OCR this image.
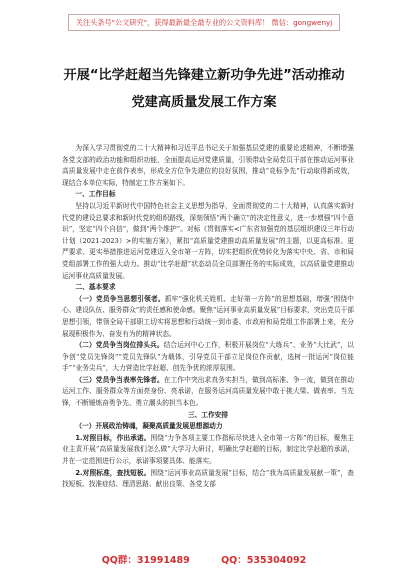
关注头条号"公文研究"，获得最新最全最专业的公文资料库！ 微信：gongwenyj
开展“比学赶超当先锋建立新功争先进”活动推动
党建高质量发展工作方案

为深入学习贯彻党的二十大精神和习近平总书记关于加强基层党建的重要论述精神，不断增强各党支部的政治功能和组织功能，全面提高运河党建质量，引领带动全局党员干部在推动运河事业高质量发展中走在前作表率，形成全方位争先建位的良好氛围，推动“竞标争先”行动取得新成效，现结合本单位实际，特制定工作方案如下。

一、工作目标

坚持以习近平新时代中国特色社会主义思想为指导，全面贯彻党的二十大精神，认真落实新时代党的建设总要求和新时代党的组织路线，深刻领悟“两个确立”的决定性意义，进一步增强“四个意识”，坚定“四个自信”，做到“两个维护”。对标《贯彻落实<广东省加强党的基层组织建设三年行动计划（2021-2023）>的实施方案》，紧扣“高质量党建推动高质量发展”的主题，以更高标准、更严要求、更实举措推进运河党建迈入全市第一方阵，切实把组织优势转化为落实中央、省、市和局党组部署工作的强大动力。推动“比学赶超”状态动员全员部署任务的实际成效，以高质量党建推动运河事业高质量发展。

二、基本要求

（一）党员争当思想引领者。抓牢“强化机关姓机、走好第一方阵”的思想基础，增强“围绕中心、建设队伍、服务群众”的责任感和使命感。聚焦“运河事业高质量发展”目标要求，突出党员干部思想引领，带领全局干部职工切实将思想和行动统一到市委、市政府和局党组工作部署上来，充分展现积极作为、奋发有为的精神状态。

（二）党员争当岗位排头兵。结合运河中心工作，积极开展岗位“大练兵”、业务“大比武”，以争创“党员先锋岗”“党员先锋队”为载体，引导党员干部立足岗位作贡献，选树一批运河“岗位能手”“业务尖兵”，大力营造比学赶超、创先争优的浓厚氛围。

（三）党员争当表率先锋者。在工作中突出求真务实担当，做到高标准、争一流，做到在推动运河工作、服务群众等方面亮身份、亮承诺，在服务运河高质量发展中敢于挑大梁、做表率、当先锋，不断锤炼奋勇争先、勇立潮头的担当本色。

三、工作安排
（一）开展政治铸魂，凝聚高质量发展思想源动力

1.对照目标，作出承诺。围绕“力争各项主要工作指标尽快进入全市第一方阵”的目标，聚焦主业主责开展“高质量发展我们怎么做”大学习大研讨，明确比学赶超的目标，制定比学赶超的承诺，并在一定范围进行公示，承诺事项要具体、能落实。

2.对照标准，查找短板。围绕“运河事业高质量发展”目标，结合“我为高质量发展献一策”，查找短板、找准症结、理清思路、献出良策、各党支部

QQ群：31991489	QQ：535304092
